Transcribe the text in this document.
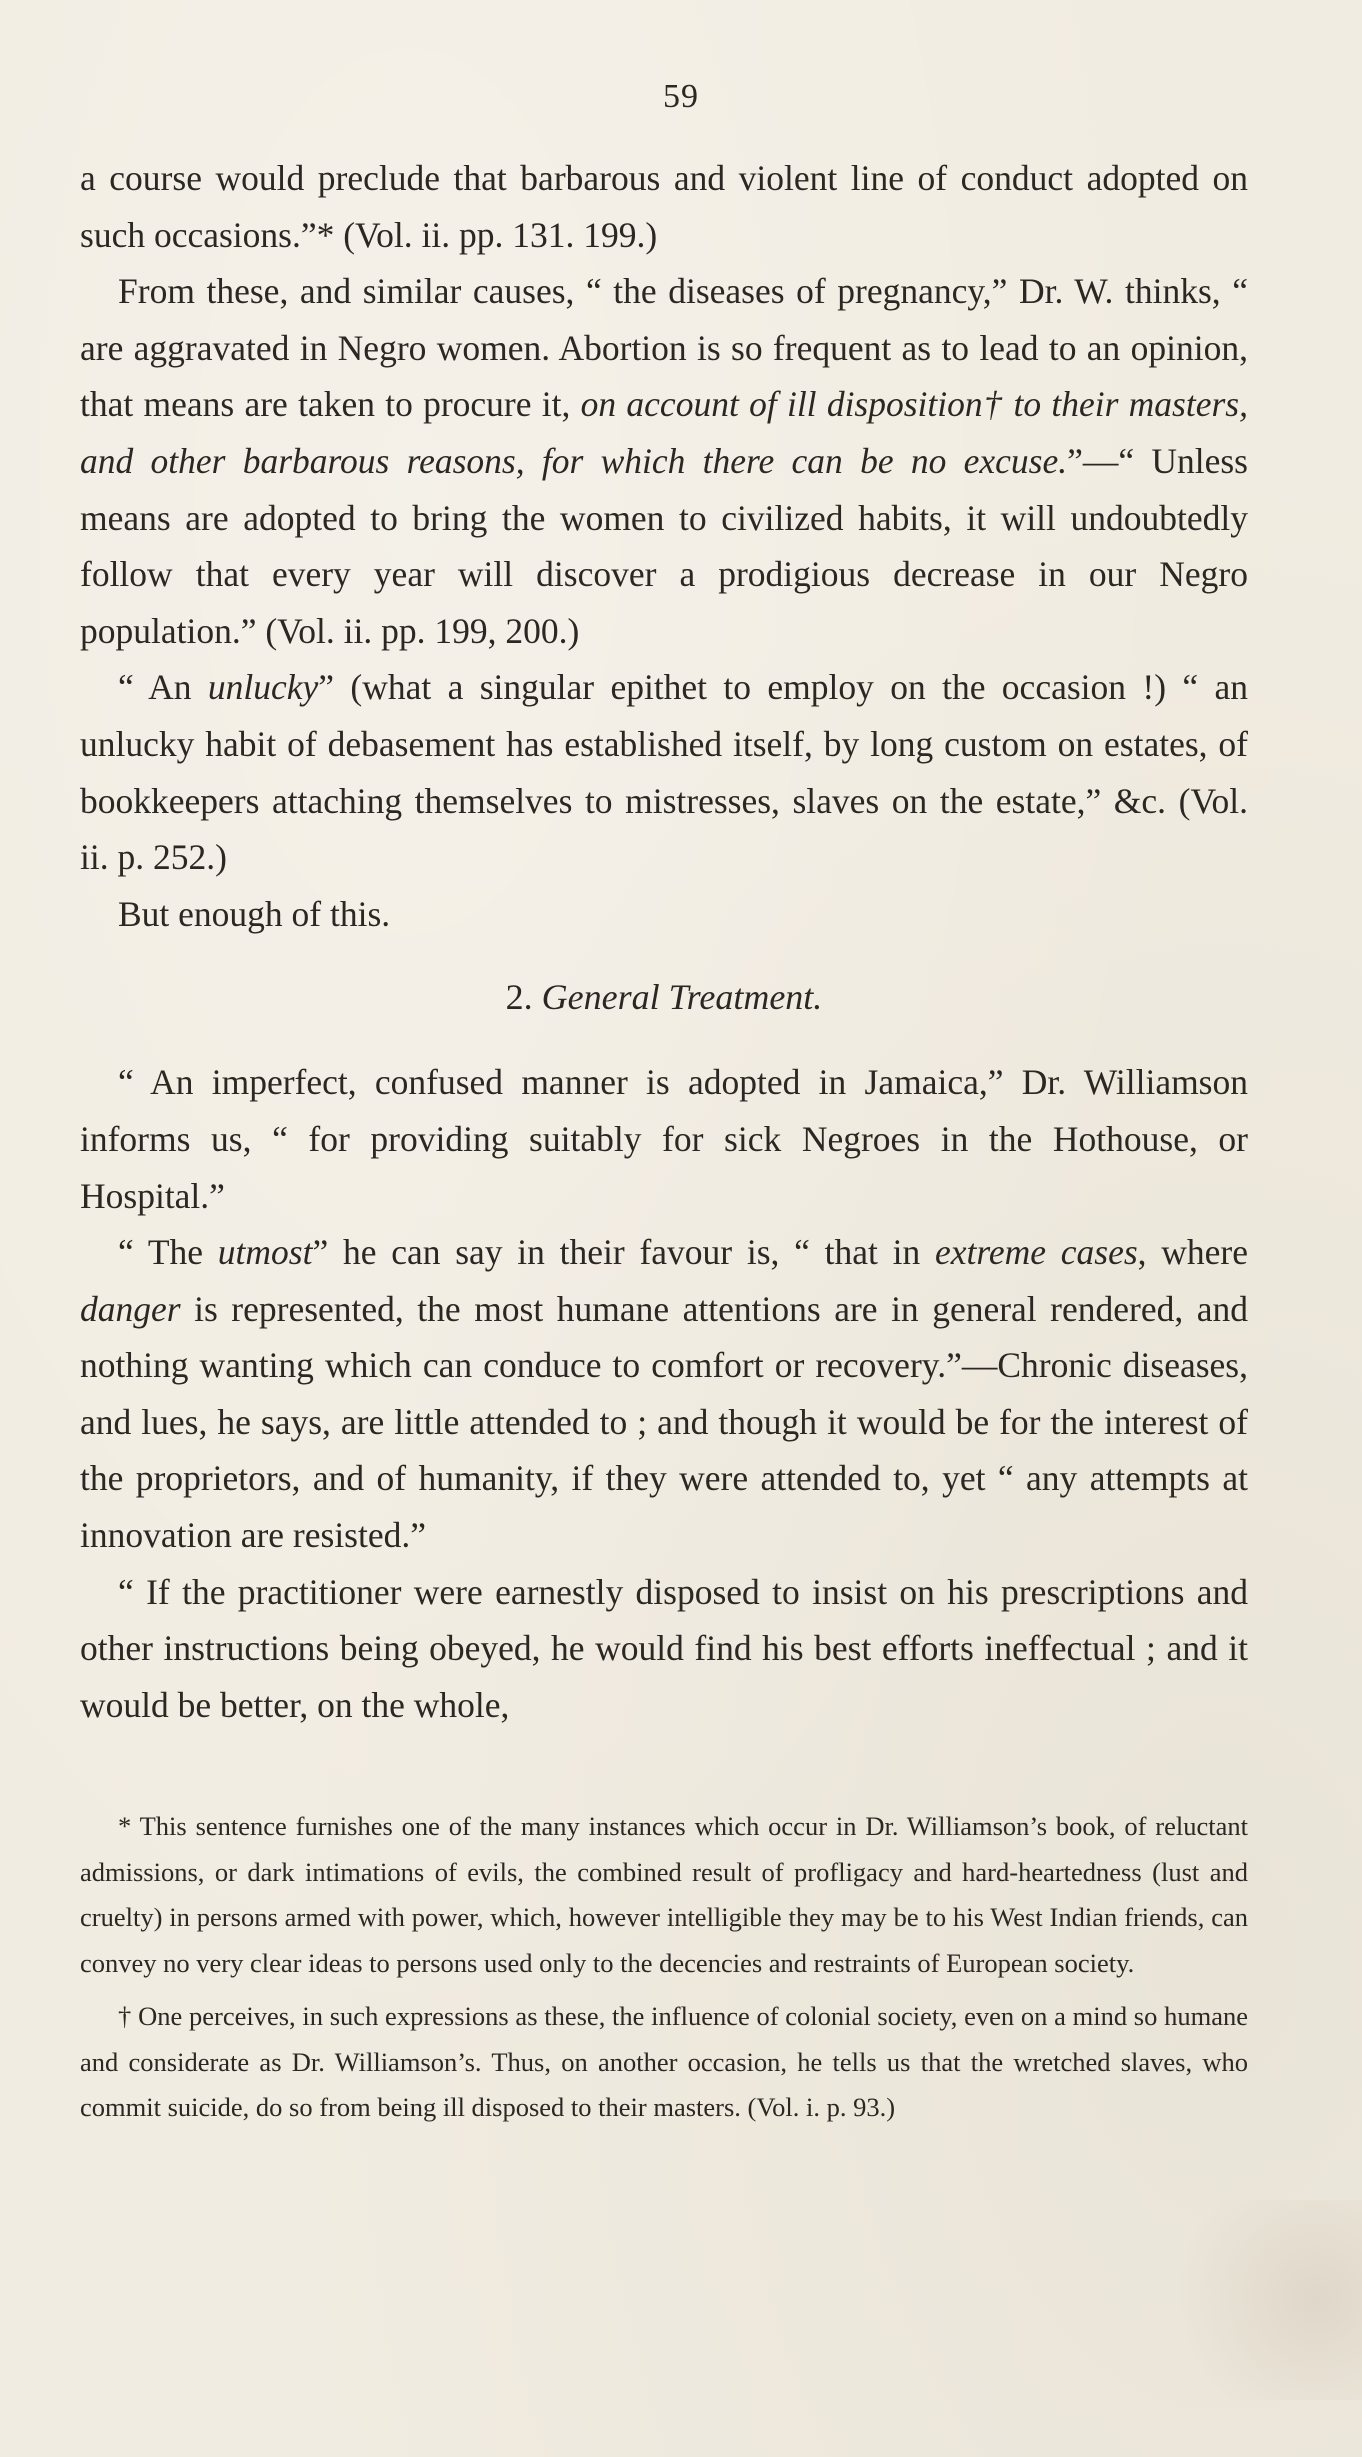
59

a course would preclude that barbarous and violent line of conduct adopted on such occasions.”* (Vol. ii. pp. 131. 199.)

From these, and similar causes, “ the diseases of pregnancy,” Dr. W. thinks, “ are aggravated in Negro women. Abortion is so frequent as to lead to an opinion, that means are taken to procure it, on account of ill disposition† to their masters, and other barbarous reasons, for which there can be no excuse.”—“ Unless means are adopted to bring the women to civilized habits, it will undoubtedly follow that every year will discover a prodigious decrease in our Negro population.” (Vol. ii. pp. 199, 200.)

“ An unlucky” (what a singular epithet to employ on the occasion !) “ an unlucky habit of debasement has established itself, by long custom on estates, of bookkeepers attaching themselves to mistresses, slaves on the estate,” &c. (Vol. ii. p. 252.)

But enough of this.

2. General Treatment.

“ An imperfect, confused manner is adopted in Jamaica,” Dr. Williamson informs us, “ for providing suitably for sick Negroes in the Hothouse, or Hospital.”

“ The utmost” he can say in their favour is, “ that in extreme cases, where danger is represented, the most humane attentions are in general rendered, and nothing wanting which can conduce to comfort or recovery.”—Chronic diseases, and lues, he says, are little attended to ; and though it would be for the interest of the proprietors, and of humanity, if they were attended to, yet “ any attempts at innovation are resisted.”

“ If the practitioner were earnestly disposed to insist on his prescriptions and other instructions being obeyed, he would find his best efforts ineffectual ; and it would be better, on the whole,

* This sentence furnishes one of the many instances which occur in Dr. Williamson’s book, of reluctant admissions, or dark intimations of evils, the combined result of profligacy and hard-heartedness (lust and cruelty) in persons armed with power, which, however intelligible they may be to his West Indian friends, can convey no very clear ideas to persons used only to the decencies and restraints of European society.

† One perceives, in such expressions as these, the influence of colonial society, even on a mind so humane and considerate as Dr. Williamson’s. Thus, on another occasion, he tells us that the wretched slaves, who commit suicide, do so from being ill disposed to their masters. (Vol. i. p. 93.)
